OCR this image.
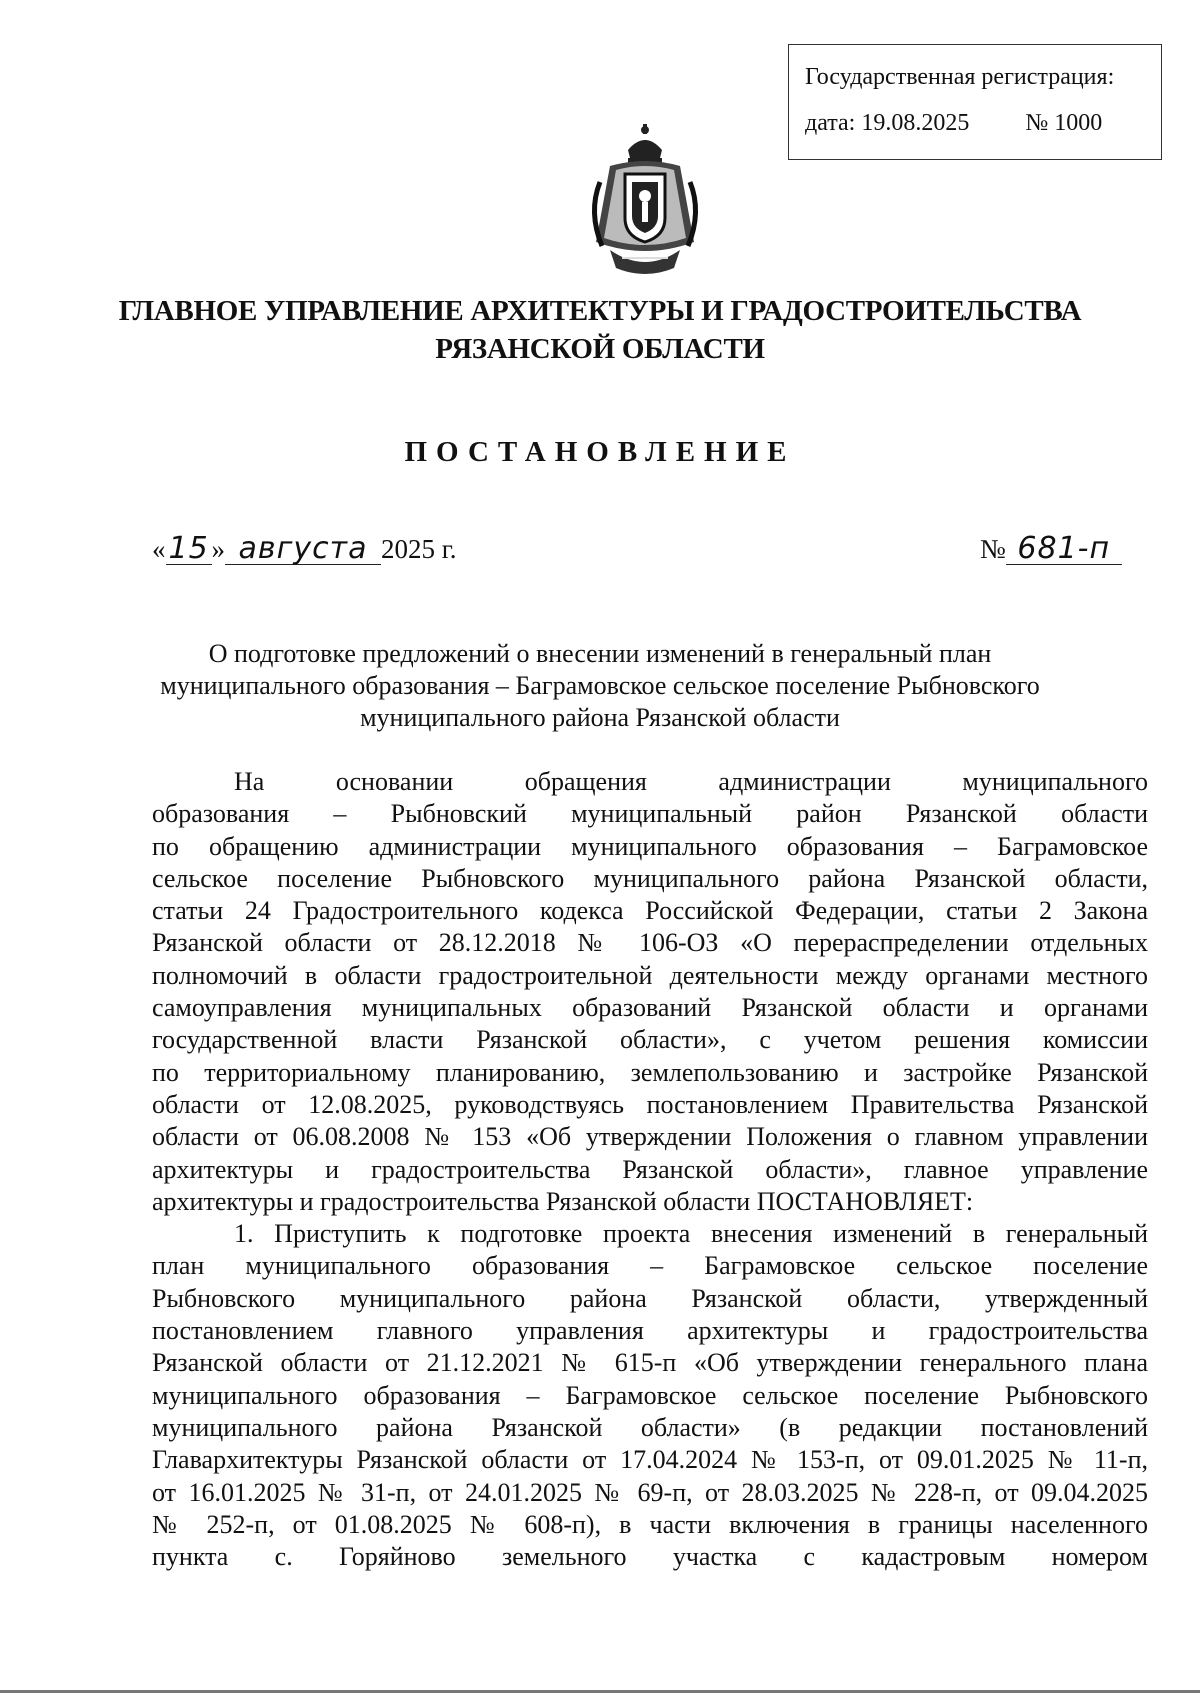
Государственная регистрация:
дата: 19.08.2025 № 1000
ГЛАВНОЕ УПРАВЛЕНИЕ АРХИТЕКТУРЫ И ГРАДОСТРОИТЕЛЬСТВА
РЯЗАНСКОЙ ОБЛАСТИ
ПОСТАНОВЛЕНИЕ
« 15 » августа 2025 г.	№ 681-п
О подготовке предложений о внесении изменений в генеральный план
муниципального образования – Баграмовское сельское поселение Рыбновского
муниципального района Рязанской области

На основании обращения администрации муниципального

образования – Рыбновский муниципальный район Рязанской области

по обращению администрации муниципального образования – Баграмовское

сельское поселение Рыбновского муниципального района Рязанской области,

статьи 24 Градостроительного кодекса Российской Федерации, статьи 2 Закона

Рязанской области от 28.12.2018 № 106-ОЗ «О перераспределении отдельных

полномочий в области градостроительной деятельности между органами местного

самоуправления муниципальных образований Рязанской области и органами

государственной власти Рязанской области», с учетом решения комиссии

по территориальному планированию, землепользованию и застройке Рязанской

области от 12.08.2025, руководствуясь постановлением Правительства Рязанской

области от 06.08.2008 № 153 «Об утверждении Положения о главном управлении

архитектуры и градостроительства Рязанской области», главное управление

архитектуры и градостроительства Рязанской области ПОСТАНОВЛЯЕТ:

1. Приступить к подготовке проекта внесения изменений в генеральный

план муниципального образования – Баграмовское сельское поселение

Рыбновского муниципального района Рязанской области, утвержденный

постановлением главного управления архитектуры и градостроительства

Рязанской области от 21.12.2021 № 615-п «Об утверждении генерального плана

муниципального образования – Баграмовское сельское поселение Рыбновского

муниципального района Рязанской области» (в редакции постановлений

Главархитектуры Рязанской области от 17.04.2024 № 153-п, от 09.01.2025 № 11-п,

от 16.01.2025 № 31-п, от 24.01.2025 № 69-п, от 28.03.2025 № 228-п, от 09.04.2025

№ 252-п, от 01.08.2025 № 608-п), в части включения в границы населенного

пункта с. Горяйново земельного участка с кадастровым номером
